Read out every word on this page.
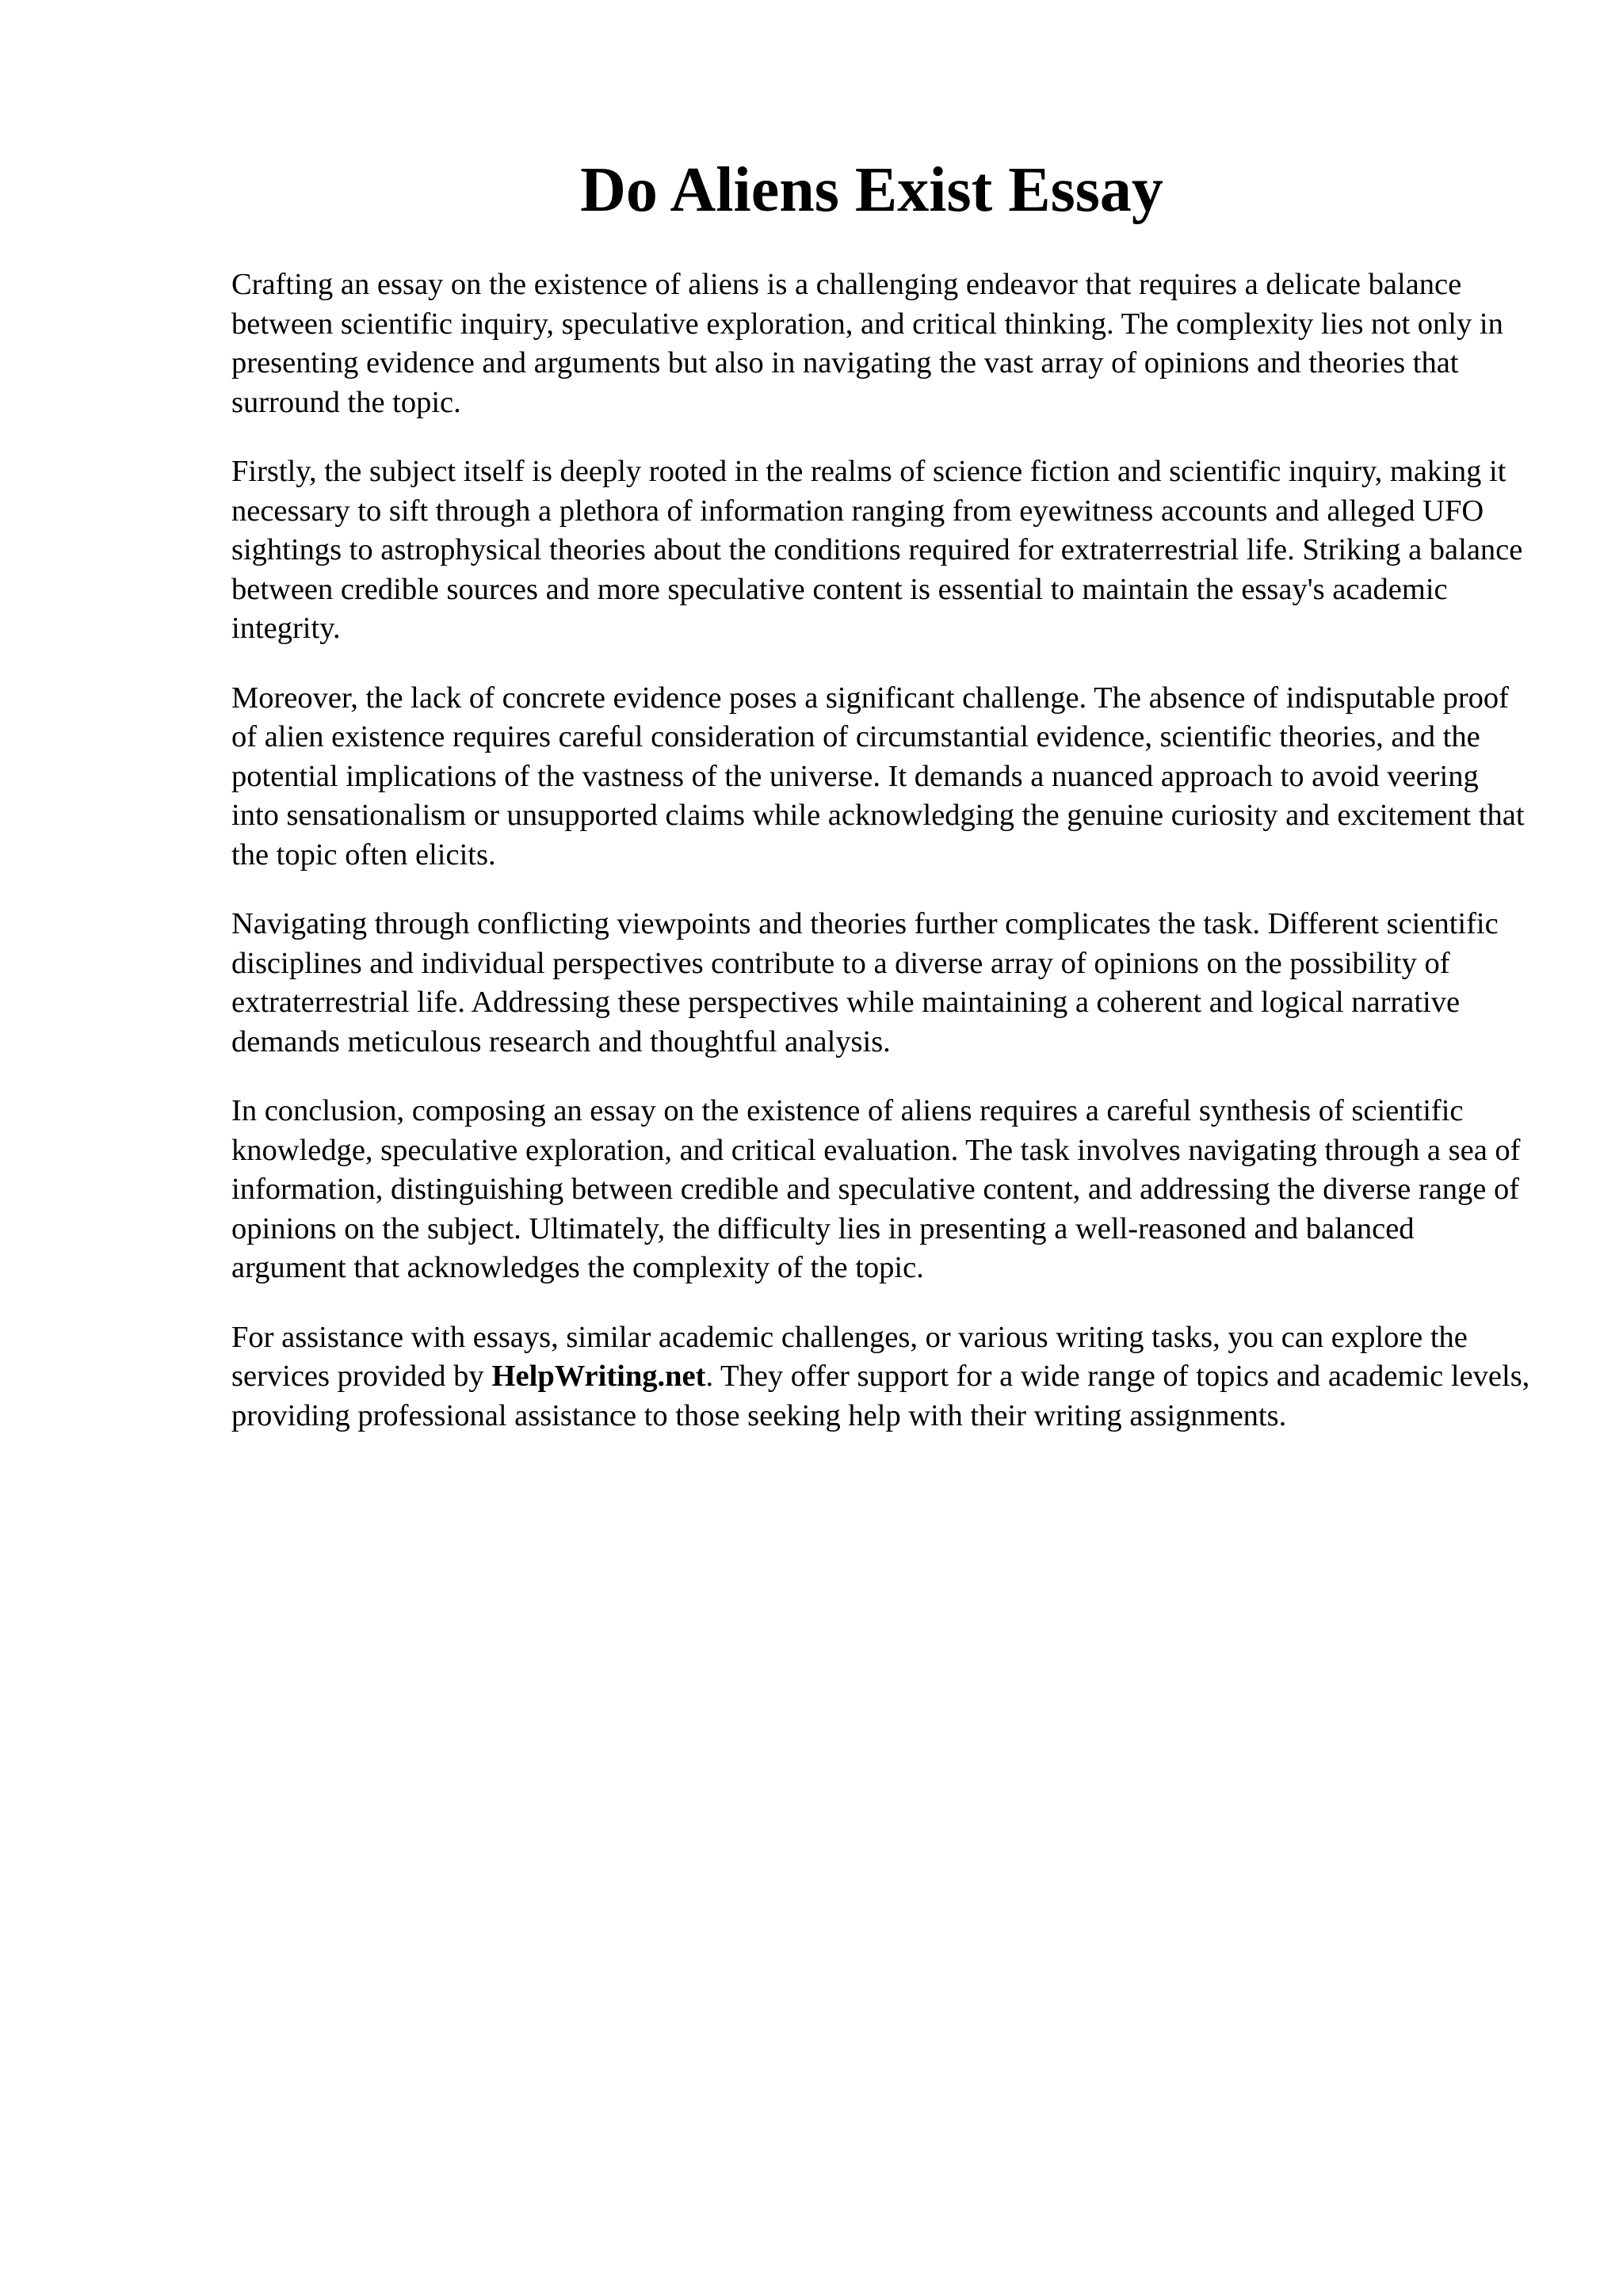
Do Aliens Exist Essay

Crafting an essay on the existence of aliens is a challenging endeavor that requires a delicate balance between scientific inquiry, speculative exploration, and critical thinking. The complexity lies not only in presenting evidence and arguments but also in navigating the vast array of opinions and theories that surround the topic.

Firstly, the subject itself is deeply rooted in the realms of science fiction and scientific inquiry, making it necessary to sift through a plethora of information ranging from eyewitness accounts and alleged UFO sightings to astrophysical theories about the conditions required for extraterrestrial life. Striking a balance between credible sources and more speculative content is essential to maintain the essay's academic integrity.

Moreover, the lack of concrete evidence poses a significant challenge. The absence of indisputable proof of alien existence requires careful consideration of circumstantial evidence, scientific theories, and the potential implications of the vastness of the universe. It demands a nuanced approach to avoid veering into sensationalism or unsupported claims while acknowledging the genuine curiosity and excitement that the topic often elicits.

Navigating through conflicting viewpoints and theories further complicates the task. Different scientific disciplines and individual perspectives contribute to a diverse array of opinions on the possibility of extraterrestrial life. Addressing these perspectives while maintaining a coherent and logical narrative demands meticulous research and thoughtful analysis.

In conclusion, composing an essay on the existence of aliens requires a careful synthesis of scientific knowledge, speculative exploration, and critical evaluation. The task involves navigating through a sea of information, distinguishing between credible and speculative content, and addressing the diverse range of opinions on the subject. Ultimately, the difficulty lies in presenting a well-reasoned and balanced argument that acknowledges the complexity of the topic.

For assistance with essays, similar academic challenges, or various writing tasks, you can explore the services provided by HelpWriting.net. They offer support for a wide range of topics and academic levels, providing professional assistance to those seeking help with their writing assignments.
